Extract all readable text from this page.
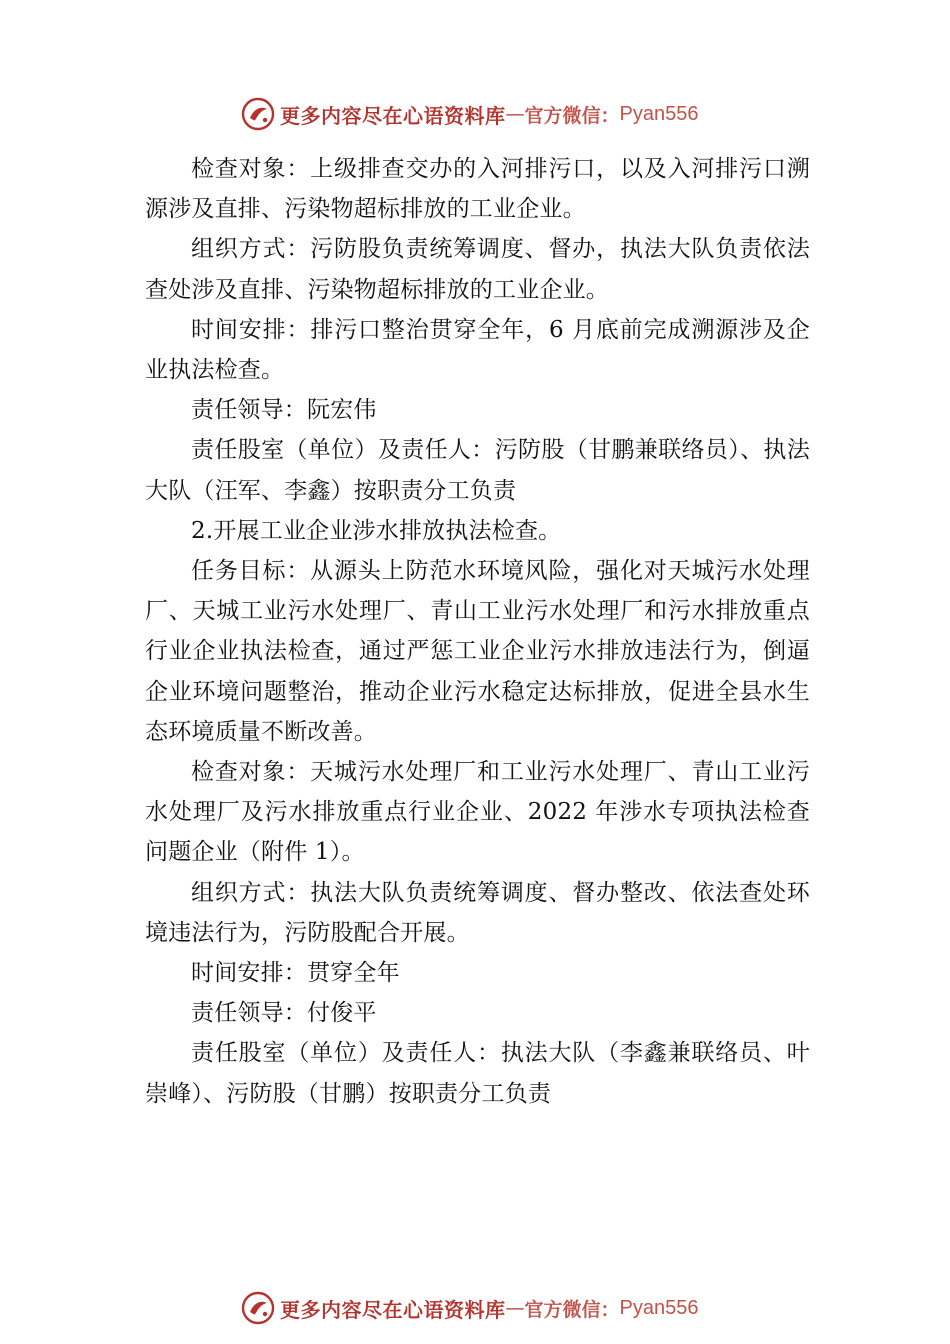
更多内容尽在心语资料库 — 官方微信： Pyan556

检查对象：上级排查交办的入河排污口，以及入河排污口溯源涉及直排、污染物超标排放的工业企业。

组织方式：污防股负责统筹调度、督办，执法大队负责依法查处涉及直排、污染物超标排放的工业企业。

时间安排：排污口整治贯穿全年，6 月底前完成溯源涉及企业执法检查。

责任领导：阮宏伟

责任股室（单位）及责任人：污防股（甘鹏兼联络员）、执法大队（汪军、李鑫）按职责分工负责

2.开展工业企业涉水排放执法检查。

任务目标：从源头上防范水环境风险，强化对天城污水处理厂、天城工业污水处理厂、青山工业污水处理厂和污水排放重点行业企业执法检查，通过严惩工业企业污水排放违法行为，倒逼企业环境问题整治，推动企业污水稳定达标排放，促进全县水生态环境质量不断改善。

检查对象：天城污水处理厂和工业污水处理厂、青山工业污水处理厂及污水排放重点行业企业、2022 年涉水专项执法检查问题企业（附件 1）。

组织方式：执法大队负责统筹调度、督办整改、依法查处环境违法行为，污防股配合开展。

时间安排：贯穿全年

责任领导：付俊平

责任股室（单位）及责任人：执法大队（李鑫兼联络员、叶崇峰）、污防股（甘鹏）按职责分工负责

更多内容尽在心语资料库 — 官方微信： Pyan556
